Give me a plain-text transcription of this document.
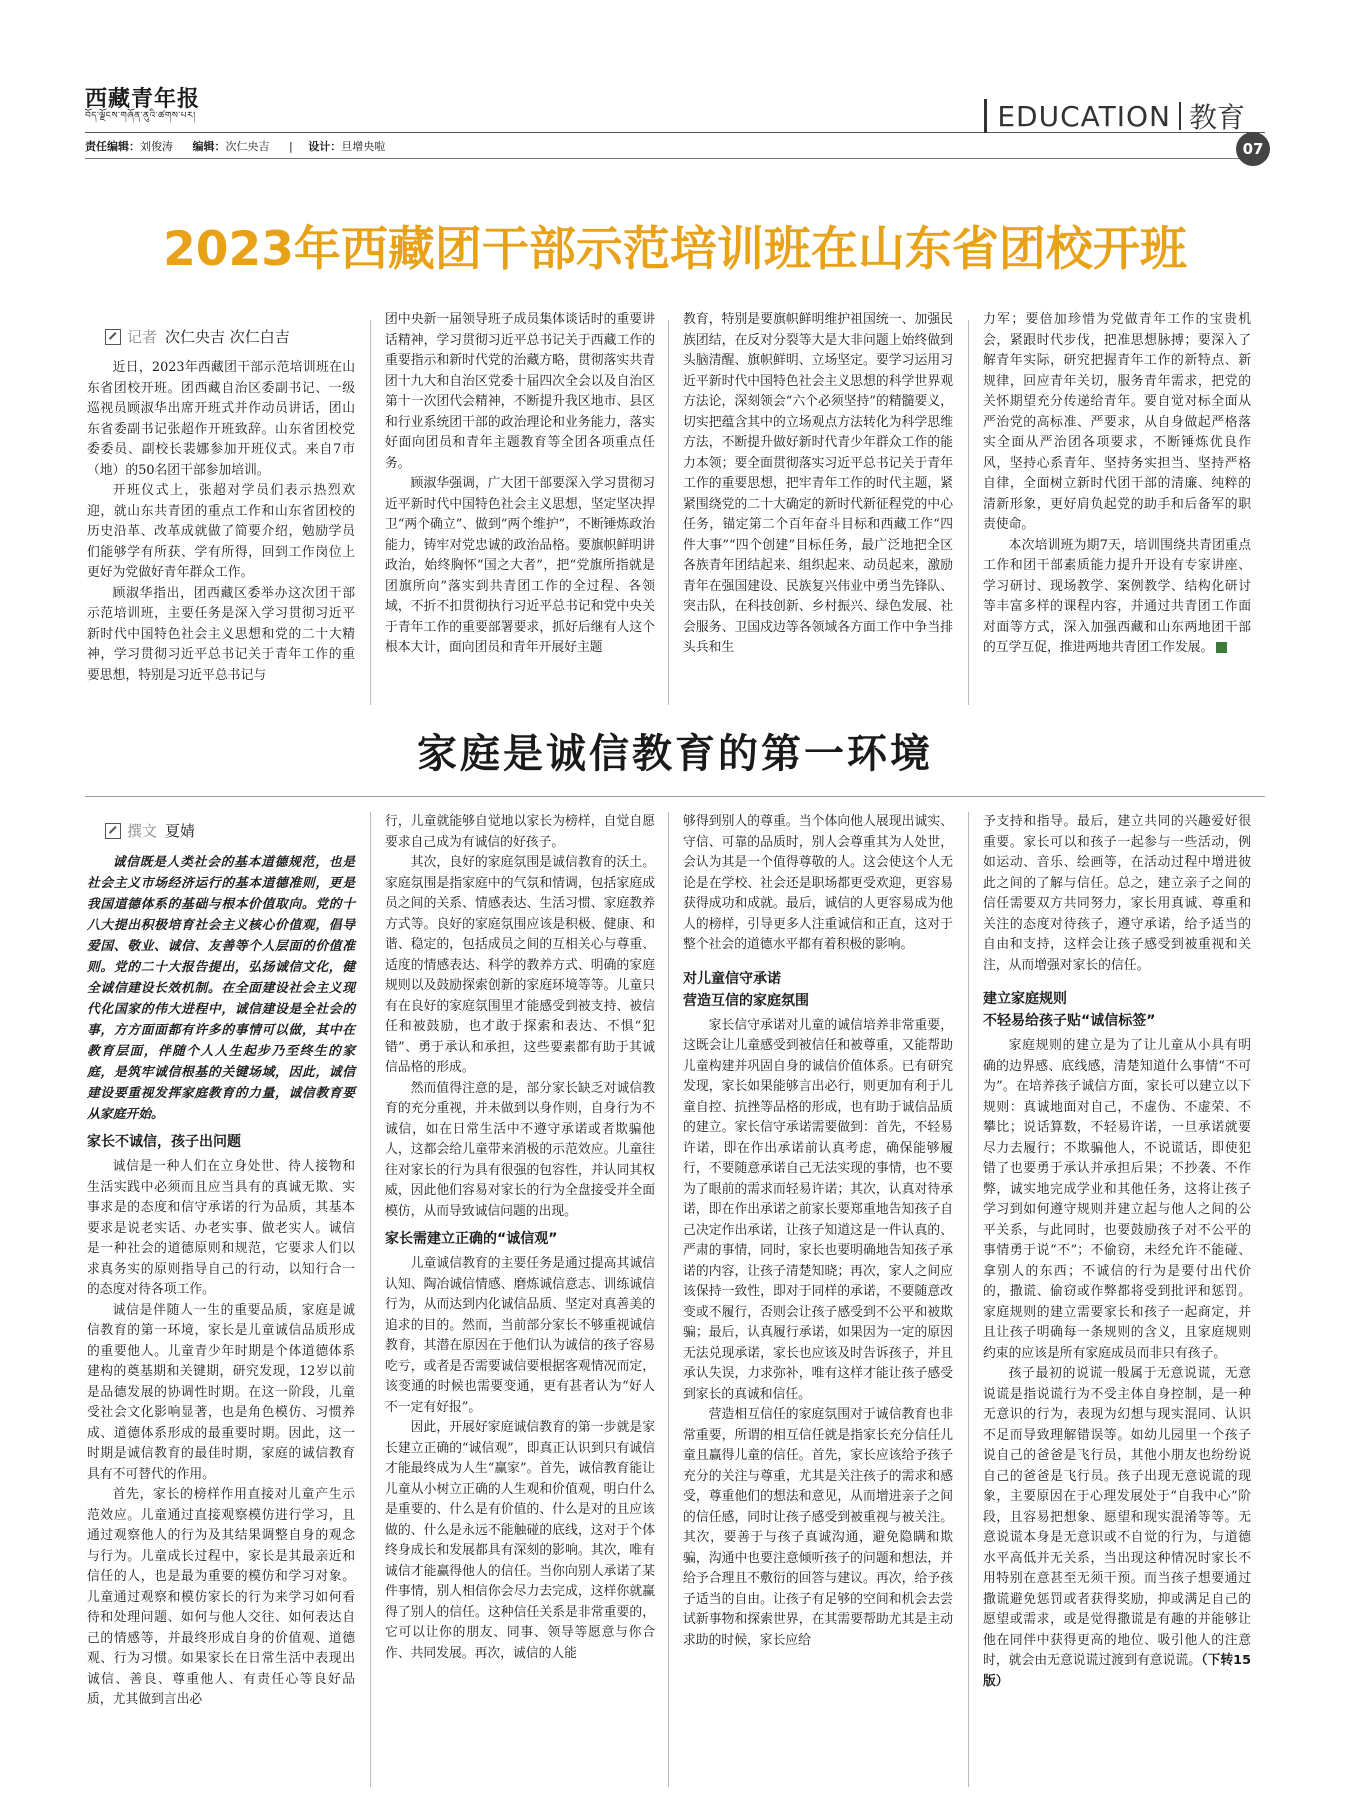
西藏青年报
བོད་ལྗོངས་གཞོན་ནུའི་ཚགས་པར།
责任编辑：刘俊涛 编辑：次仁央吉 | 设计：旦增央啦
EDUCATION 教育
07
2023年西藏团干部示范培训班在山东省团校开班
记者 次仁央吉 次仁白吉

近日，2023年西藏团干部示范培训班在山东省团校开班。团西藏自治区委副书记、一级巡视员顾淑华出席开班式并作动员讲话，团山东省委副书记张超作开班致辞。山东省团校党委委员、副校长裴娜参加开班仪式。来自7市（地）的50名团干部参加培训。

开班仪式上，张超对学员们表示热烈欢迎，就山东共青团的重点工作和山东省团校的历史沿革、改革成就做了简要介绍，勉励学员们能够学有所获、学有所得，回到工作岗位上更好为党做好青年群众工作。

顾淑华指出，团西藏区委举办这次团干部示范培训班，主要任务是深入学习贯彻习近平新时代中国特色社会主义思想和党的二十大精神，学习贯彻习近平总书记关于青年工作的重要思想，特别是习近平总书记与

团中央新一届领导班子成员集体谈话时的重要讲话精神，学习贯彻习近平总书记关于西藏工作的重要指示和新时代党的治藏方略，贯彻落实共青团十九大和自治区党委十届四次全会以及自治区第十一次团代会精神，不断提升我区地市、县区和行业系统团干部的政治理论和业务能力，落实好面向团员和青年主题教育等全团各项重点任务。

顾淑华强调，广大团干部要深入学习贯彻习近平新时代中国特色社会主义思想，坚定坚决捍卫“两个确立”、做到“两个维护”，不断锤炼政治能力，铸牢对党忠诚的政治品格。要旗帜鲜明讲政治，始终胸怀“国之大者”，把“党旗所指就是团旗所向”落实到共青团工作的全过程、各领域，不折不扣贯彻执行习近平总书记和党中央关于青年工作的重要部署要求，抓好后继有人这个根本大计，面向团员和青年开展好主题

教育，特别是要旗帜鲜明维护祖国统一、加强民族团结，在反对分裂等大是大非问题上始终做到头脑清醒、旗帜鲜明、立场坚定。要学习运用习近平新时代中国特色社会主义思想的科学世界观方法论，深刻领会“六个必须坚持”的精髓要义，切实把蕴含其中的立场观点方法转化为科学思维方法，不断提升做好新时代青少年群众工作的能力本领；要全面贯彻落实习近平总书记关于青年工作的重要思想，把牢青年工作的时代主题，紧紧围绕党的二十大确定的新时代新征程党的中心任务，锚定第二个百年奋斗目标和西藏工作“四件大事”“四个创建”目标任务，最广泛地把全区各族青年团结起来、组织起来、动员起来，激励青年在强国建设、民族复兴伟业中勇当先锋队、突击队，在科技创新、乡村振兴、绿色发展、社会服务、卫国戍边等各领域各方面工作中争当排头兵和生

力军；要倍加珍惜为党做青年工作的宝贵机会，紧跟时代步伐，把准思想脉搏；要深入了解青年实际，研究把握青年工作的新特点、新规律，回应青年关切，服务青年需求，把党的关怀期望充分传递给青年。要自觉对标全面从严治党的高标准、严要求，从自身做起严格落实全面从严治团各项要求，不断锤炼优良作风，坚持心系青年、坚持务实担当、坚持严格自律，全面树立新时代团干部的清廉、纯粹的清新形象，更好肩负起党的助手和后备军的职责使命。

本次培训班为期7天，培训围绕共青团重点工作和团干部素质能力提升开设有专家讲座、学习研讨、现场教学、案例教学、结构化研讨等丰富多样的课程内容，并通过共青团工作面对面等方式，深入加强西藏和山东两地团干部的互学互促，推进两地共青团工作发展。

家庭是诚信教育的第一环境
撰文 夏婧

诚信既是人类社会的基本道德规范，也是社会主义市场经济运行的基本道德准则，更是我国道德体系的基础与根本价值取向。党的十八大提出积极培育社会主义核心价值观，倡导爱国、敬业、诚信、友善等个人层面的价值准则。党的二十大报告提出，弘扬诚信文化，健全诚信建设长效机制。在全面建设社会主义现代化国家的伟大进程中，诚信建设是全社会的事，方方面面都有许多的事情可以做，其中在教育层面，伴随个人人生起步乃至终生的家庭，是筑牢诚信根基的关键场域，因此，诚信建设要重视发挥家庭教育的力量，诚信教育要从家庭开始。

家长不诚信，孩子出问题

诚信是一种人们在立身处世、待人接物和生活实践中必须而且应当具有的真诚无欺、实事求是的态度和信守承诺的行为品质，其基本要求是说老实话、办老实事、做老实人。诚信是一种社会的道德原则和规范，它要求人们以求真务实的原则指导自己的行动，以知行合一的态度对待各项工作。

诚信是伴随人一生的重要品质，家庭是诚信教育的第一环境，家长是儿童诚信品质形成的重要他人。儿童青少年时期是个体道德体系建构的奠基期和关键期，研究发现，12岁以前是品德发展的协调性时期。在这一阶段，儿童受社会文化影响显著，也是角色模仿、习惯养成、道德体系形成的最重要时期。因此，这一时期是诚信教育的最佳时期，家庭的诚信教育具有不可替代的作用。

首先，家长的榜样作用直接对儿童产生示范效应。儿童通过直接观察模仿进行学习，且通过观察他人的行为及其结果调整自身的观念与行为。儿童成长过程中，家长是其最亲近和信任的人，也是最为重要的模仿和学习对象。儿童通过观察和模仿家长的行为来学习如何看待和处理问题、如何与他人交往、如何表达自己的情感等，并最终形成自身的价值观、道德观、行为习惯。如果家长在日常生活中表现出诚信、善良、尊重他人、有责任心等良好品质，尤其做到言出必

行，儿童就能够自觉地以家长为榜样，自觉自愿要求自己成为有诚信的好孩子。

其次，良好的家庭氛围是诚信教育的沃土。家庭氛围是指家庭中的气氛和情调，包括家庭成员之间的关系、情感表达、生活习惯、家庭教养方式等。良好的家庭氛围应该是积极、健康、和谐、稳定的，包括成员之间的互相关心与尊重、适度的情感表达、科学的教养方式、明确的家庭规则以及鼓励探索创新的家庭环境等等。儿童只有在良好的家庭氛围里才能感受到被支持、被信任和被鼓励，也才敢于探索和表达、不惧“犯错”、勇于承认和承担，这些要素都有助于其诚信品格的形成。

然而值得注意的是，部分家长缺乏对诚信教育的充分重视，并未做到以身作则，自身行为不诚信，如在日常生活中不遵守承诺或者欺骗他人，这都会给儿童带来消极的示范效应。儿童往往对家长的行为具有很强的包容性，并认同其权威，因此他们容易对家长的行为全盘接受并全面模仿，从而导致诚信问题的出现。

家长需建立正确的“诚信观”

儿童诚信教育的主要任务是通过提高其诚信认知、陶冶诚信情感、磨炼诚信意志、训练诚信行为，从而达到内化诚信品质、坚定对真善美的追求的目的。然而，当前部分家长不够重视诚信教育，其潜在原因在于他们认为诚信的孩子容易吃亏，或者是否需要诚信要根据客观情况而定，该变通的时候也需要变通，更有甚者认为“好人不一定有好报”。

因此，开展好家庭诚信教育的第一步就是家长建立正确的“诚信观”，即真正认识到只有诚信才能最终成为人生“赢家”。首先，诚信教育能让儿童从小树立正确的人生观和价值观，明白什么是重要的、什么是有价值的、什么是对的且应该做的、什么是永远不能触碰的底线，这对于个体终身成长和发展都具有深刻的影响。其次，唯有诚信才能赢得他人的信任。当你向别人承诺了某件事情，别人相信你会尽力去完成，这样你就赢得了别人的信任。这种信任关系是非常重要的，它可以让你的朋友、同事、领导等愿意与你合作、共同发展。再次，诚信的人能

够得到别人的尊重。当个体向他人展现出诚实、守信、可靠的品质时，别人会尊重其为人处世，会认为其是一个值得尊敬的人。这会使这个人无论是在学校、社会还是职场都更受欢迎，更容易获得成功和成就。最后，诚信的人更容易成为他人的榜样，引导更多人注重诚信和正直，这对于整个社会的道德水平都有着积极的影响。

对儿童信守承诺
营造互信的家庭氛围

家长信守承诺对儿童的诚信培养非常重要，这既会让儿童感受到被信任和被尊重，又能帮助儿童构建并巩固自身的诚信价值体系。已有研究发现，家长如果能够言出必行，则更加有利于儿童自控、抗挫等品格的形成，也有助于诚信品质的建立。家长信守承诺需要做到：首先，不轻易许诺，即在作出承诺前认真考虑，确保能够履行，不要随意承诺自己无法实现的事情，也不要为了眼前的需求而轻易许诺；其次，认真对待承诺，即在作出承诺之前家长要郑重地告知孩子自己决定作出承诺，让孩子知道这是一件认真的、严肃的事情，同时，家长也要明确地告知孩子承诺的内容，让孩子清楚知晓；再次，家人之间应该保持一致性，即对于同样的承诺，不要随意改变或不履行，否则会让孩子感受到不公平和被欺骗；最后，认真履行承诺，如果因为一定的原因无法兑现承诺，家长也应该及时告诉孩子，并且承认失误，力求弥补，唯有这样才能让孩子感受到家长的真诚和信任。

营造相互信任的家庭氛围对于诚信教育也非常重要，所谓的相互信任就是指家长充分信任儿童且赢得儿童的信任。首先，家长应该给予孩子充分的关注与尊重，尤其是关注孩子的需求和感受，尊重他们的想法和意见，从而增进亲子之间的信任感，同时让孩子感受到被重视与被关注。其次，要善于与孩子真诚沟通，避免隐瞒和欺骗，沟通中也要注意倾听孩子的问题和想法，并给予合理且不敷衍的回答与建议。再次，给予孩子适当的自由。让孩子有足够的空间和机会去尝试新事物和探索世界，在其需要帮助尤其是主动求助的时候，家长应给

予支持和指导。最后，建立共同的兴趣爱好很重要。家长可以和孩子一起参与一些活动，例如运动、音乐、绘画等，在活动过程中增进彼此之间的了解与信任。总之，建立亲子之间的信任需要双方共同努力，家长用真诚、尊重和关注的态度对待孩子，遵守承诺，给予适当的自由和支持，这样会让孩子感受到被重视和关注，从而增强对家长的信任。

建立家庭规则
不轻易给孩子贴“诚信标签”

家庭规则的建立是为了让儿童从小具有明确的边界感、底线感，清楚知道什么事情“不可为”。在培养孩子诚信方面，家长可以建立以下规则：真诚地面对自己，不虚伪、不虚荣、不攀比；说话算数，不轻易许诺，一旦承诺就要尽力去履行；不欺骗他人，不说谎话，即使犯错了也要勇于承认并承担后果；不抄袭、不作弊，诚实地完成学业和其他任务，这将让孩子学习到如何遵守规则并建立起与他人之间的公平关系，与此同时，也要鼓励孩子对不公平的事情勇于说“不”；不偷窃，未经允许不能碰、拿别人的东西；不诚信的行为是要付出代价的，撒谎、偷窃或作弊都将受到批评和惩罚。家庭规则的建立需要家长和孩子一起商定，并且让孩子明确每一条规则的含义，且家庭规则约束的应该是所有家庭成员而非只有孩子。

孩子最初的说谎一般属于无意说谎，无意说谎是指说谎行为不受主体自身控制，是一种无意识的行为，表现为幻想与现实混同、认识不足而导致理解错误等。如幼儿园里一个孩子说自己的爸爸是飞行员，其他小朋友也纷纷说自己的爸爸是飞行员。孩子出现无意说谎的现象，主要原因在于心理发展处于“自我中心”阶段，且容易把想象、愿望和现实混淆等等。无意说谎本身是无意识或不自觉的行为，与道德水平高低并无关系，当出现这种情况时家长不用特别在意甚至无须干预。而当孩子想要通过撒谎避免惩罚或者获得奖励，抑或满足自己的愿望或需求，或是觉得撒谎是有趣的并能够让他在同伴中获得更高的地位、吸引他人的注意时，就会由无意说谎过渡到有意说谎。（下转15版）
